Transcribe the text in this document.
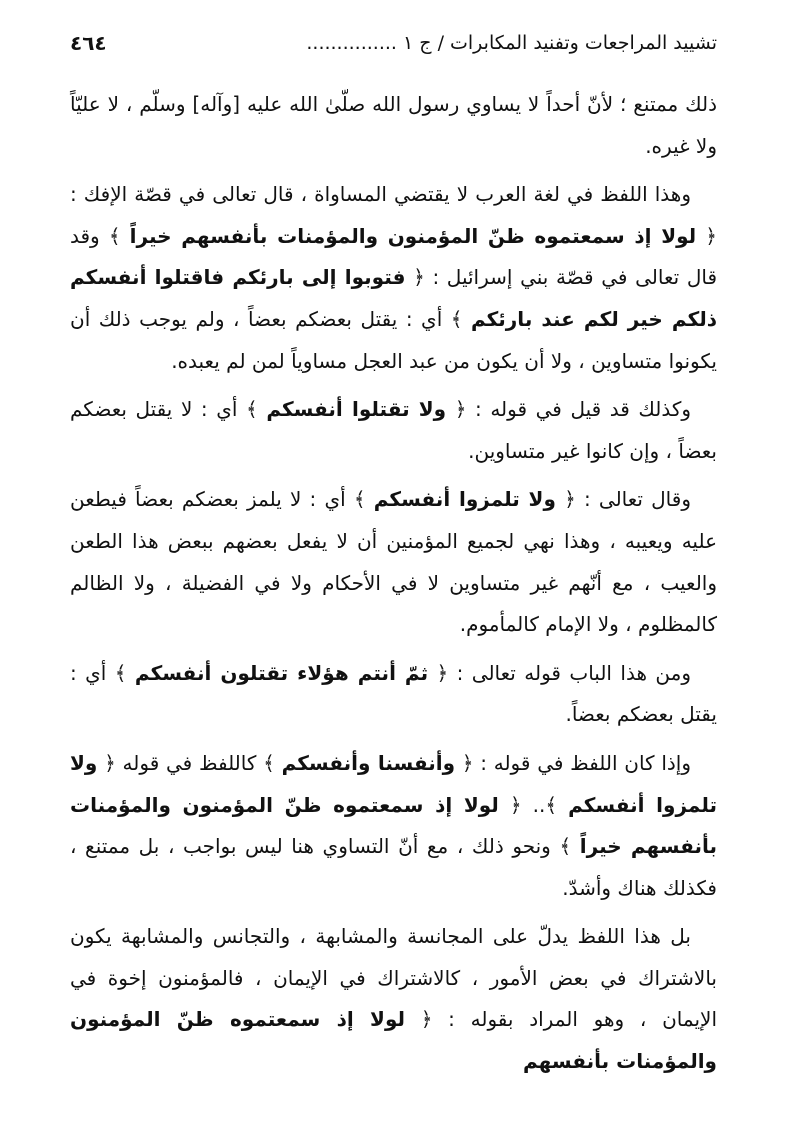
تشييد المراجعات وتفنيد المكابرات / ج ١ ...............
٤٦٤

ذلك ممتنع ؛ لأنّ أحداً لا يساوي رسول الله صلّىٰ الله عليه [وآله] وسلّم ، لا عليّاً ولا غيره.

وهذا اللفظ في لغة العرب لا يقتضي المساواة ، قال تعالى في قصّة الإفك : ﴿ لولا إذ سمعتموه ظنّ المؤمنون والمؤمنات بأنفسهم خيراً ﴾ وقد قال تعالى في قصّة بني إسرائيل : ﴿ فتوبوا إلى بارئكم فاقتلوا أنفسكم ذلكم خير لكم عند بارئكم ﴾ أي : يقتل بعضكم بعضاً ، ولم يوجب ذلك أن يكونوا متساوين ، ولا أن يكون من عبد العجل مساوياً لمن لم يعبده.

وكذلك قد قيل في قوله : ﴿ ولا تقتلوا أنفسكم ﴾ أي : لا يقتل بعضكم بعضاً ، وإن كانوا غير متساوين.

وقال تعالى : ﴿ ولا تلمزوا أنفسكم ﴾ أي : لا يلمز بعضكم بعضاً فيطعن عليه ويعيبه ، وهذا نهي لجميع المؤمنين أن لا يفعل بعضهم ببعض هذا الطعن والعيب ، مع أنّهم غير متساوين لا في الأحكام ولا في الفضيلة ، ولا الظالم كالمظلوم ، ولا الإمام كالمأموم.

ومن هذا الباب قوله تعالى : ﴿ ثمّ أنتم هؤلاء تقتلون أنفسكم ﴾ أي : يقتل بعضكم بعضاً.

وإذا كان اللفظ في قوله : ﴿ وأنفسنا وأنفسكم ﴾ كاللفظ في قوله ﴿ ولا تلمزوا أنفسكم ﴾.. ﴿ لولا إذ سمعتموه ظنّ المؤمنون والمؤمنات بأنفسهم خيراً ﴾ ونحو ذلك ، مع أنّ التساوي هنا ليس بواجب ، بل ممتنع ، فكذلك هناك وأشدّ.

بل هذا اللفظ يدلّ على المجانسة والمشابهة ، والتجانس والمشابهة يكون بالاشتراك في بعض الأمور ، كالاشتراك في الإيمان ، فالمؤمنون إخوة في الإيمان ، وهو المراد بقوله : ﴿ لولا إذ سمعتموه ظنّ المؤمنون والمؤمنات بأنفسهم
